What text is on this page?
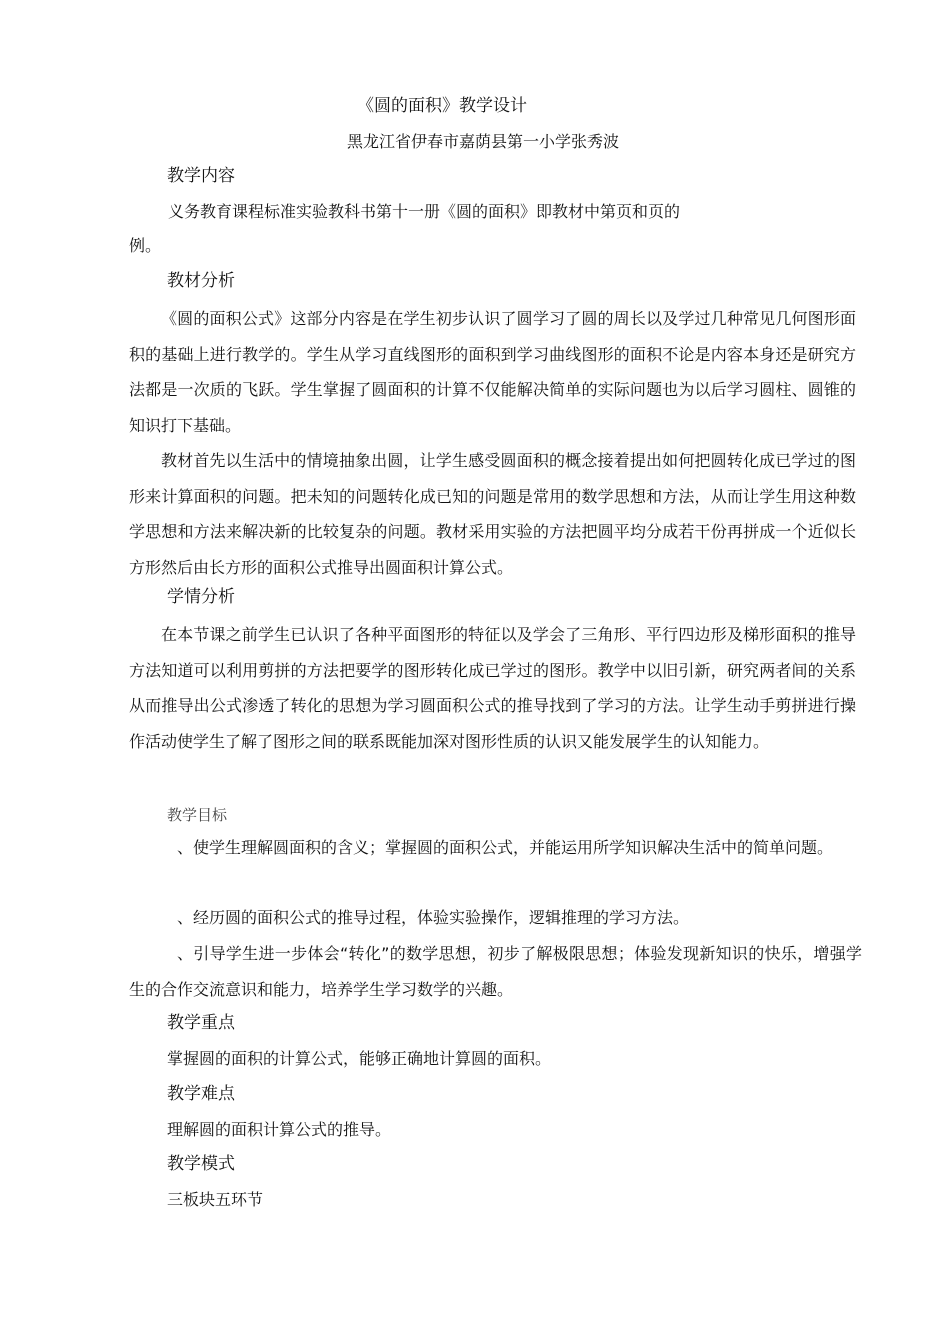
《圆的面积》教学设计
黑龙江省伊春市嘉荫县第一小学张秀波
教学内容
义务教育课程标准实验教科书第十一册《圆的面积》即教材中第页和页的
例。
教材分析
《圆的面积公式》这部分内容是在学生初步认识了圆学习了圆的周长以及学过几种常见几何图形面积的基础上进行教学的。学生从学习直线图形的面积到学习曲线图形的面积不论是内容本身还是研究方法都是一次质的飞跃。学生掌握了圆面积的计算不仅能解决简单的实际问题也为以后学习圆柱、圆锥的知识打下基础。
教材首先以生活中的情境抽象出圆，让学生感受圆面积的概念接着提出如何把圆转化成已学过的图形来计算面积的问题。把未知的问题转化成已知的问题是常用的数学思想和方法，从而让学生用这种数学思想和方法来解决新的比较复杂的问题。教材采用实验的方法把圆平均分成若干份再拼成一个近似长方形然后由长方形的面积公式推导出圆面积计算公式。
学情分析
在本节课之前学生已认识了各种平面图形的特征以及学会了三角形、平行四边形及梯形面积的推导方法知道可以利用剪拼的方法把要学的图形转化成已学过的图形。教学中以旧引新，研究两者间的关系从而推导出公式渗透了转化的思想为学习圆面积公式的推导找到了学习的方法。让学生动手剪拼进行操作活动使学生了解了图形之间的联系既能加深对图形性质的认识又能发展学生的认知能力。
教学目标
、使学生理解圆面积的含义；掌握圆的面积公式，并能运用所学知识解决生活中的简单问题。
、经历圆的面积公式的推导过程，体验实验操作，逻辑推理的学习方法。
、引导学生进一步体会“转化”的数学思想，初步了解极限思想；体验发现新知识的快乐，增强学生的合作交流意识和能力，培养学生学习数学的兴趣。
教学重点
掌握圆的面积的计算公式，能够正确地计算圆的面积。
教学难点
理解圆的面积计算公式的推导。
教学模式
三板块五环节
